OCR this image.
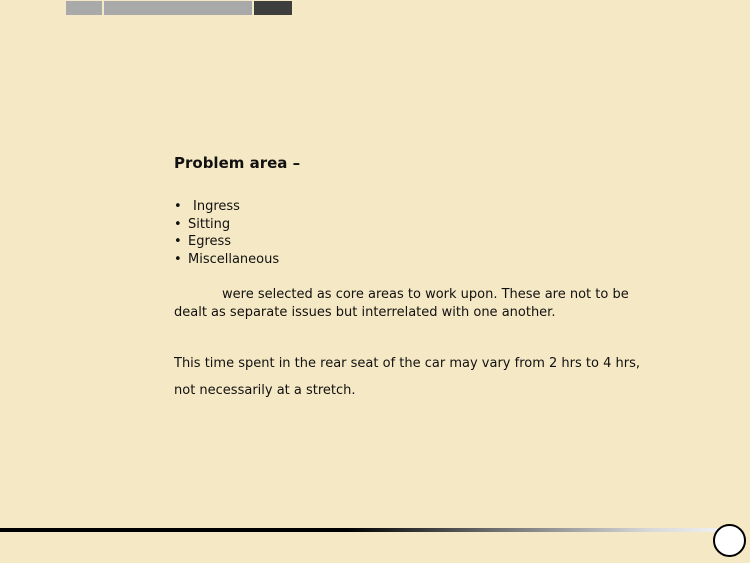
Problem area –
• Ingress
• Sitting
• Egress
• Miscellaneous

were selected as core areas to work upon. These are not to be dealt as separate issues but interrelated with one another.

This time spent in the rear seat of the car may vary from 2 hrs to 4 hrs, not necessarily at a stretch.
